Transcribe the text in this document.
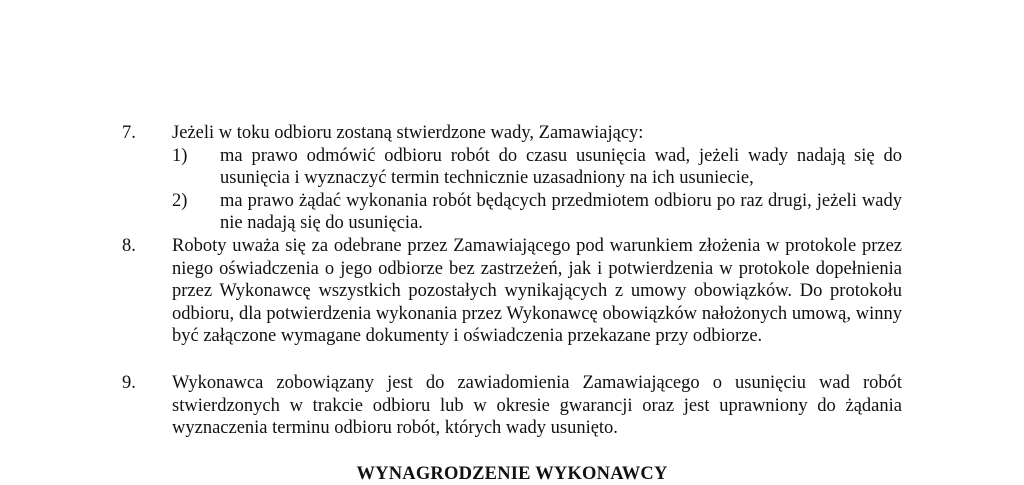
7. Jeżeli w toku odbioru zostaną stwierdzone wady, Zamawiający:
1) ma prawo odmówić odbioru robót do czasu usunięcia wad, jeżeli wady nadają się do usunięcia i wyznaczyć termin technicznie uzasadniony na ich usuniecie,
2) ma prawo żądać wykonania robót będących przedmiotem odbioru po raz drugi, jeżeli wady nie nadają się do usunięcia.
8. Roboty uważa się za odebrane przez Zamawiającego pod warunkiem złożenia w protokole przez niego oświadczenia o jego odbiorze bez zastrzeżeń, jak i potwierdzenia w protokole dopełnienia przez Wykonawcę wszystkich pozostałych wynikających z umowy obowiązków. Do protokołu odbioru, dla potwierdzenia wykonania przez Wykonawcę obowiązków nałożonych umową, winny być załączone wymagane dokumenty i oświadczenia przekazane przy odbiorze.
9. Wykonawca zobowiązany jest do zawiadomienia Zamawiającego o usunięciu wad robót stwierdzonych w trakcie odbioru lub w okresie gwarancji oraz jest uprawniony do żądania wyznaczenia terminu odbioru robót, których wady usunięto.
WYNAGRODZENIE WYKONAWCY
